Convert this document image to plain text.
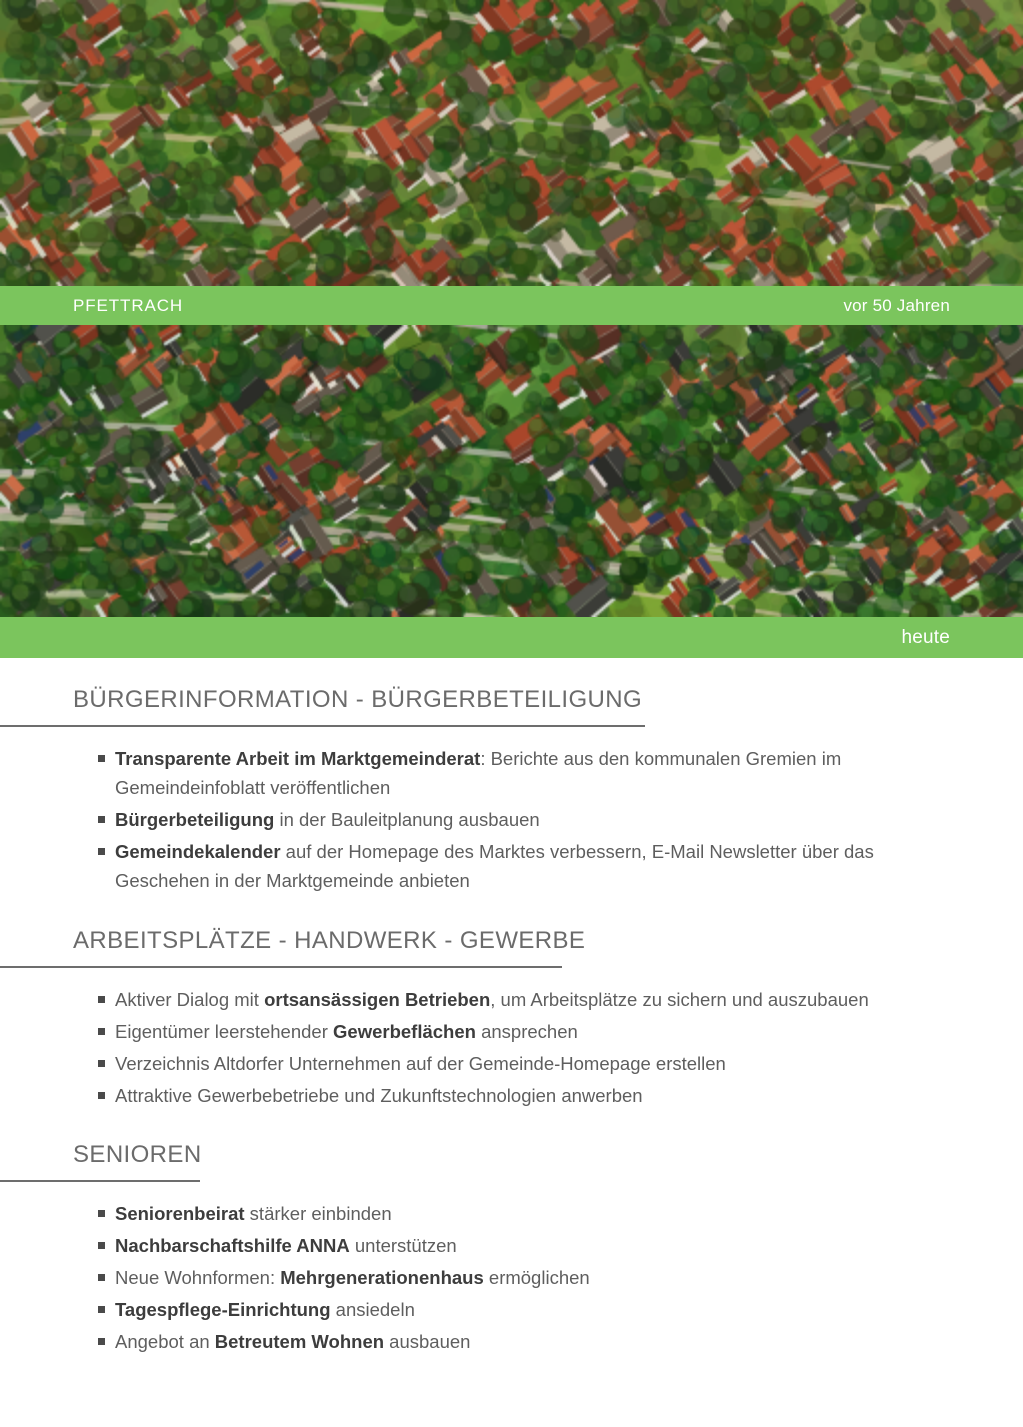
PFETTRACH	vor 50 Jahren
heute
BÜRGERINFORMATION - BÜRGERBETEILIGUNG
Transparente Arbeit im Marktgemeinderat: Berichte aus den kommunalen Gremien im Gemeindeinfoblatt veröffentlichen
Bürgerbeteiligung in der Bauleitplanung ausbauen
Gemeindekalender auf der Homepage des Marktes verbessern, E-Mail Newsletter über das Geschehen in der Marktgemeinde anbieten
ARBEITSPLÄTZE - HANDWERK - GEWERBE
Aktiver Dialog mit ortsansässigen Betrieben, um Arbeitsplätze zu sichern und auszubauen
Eigentümer leerstehender Gewerbeflächen ansprechen
Verzeichnis Altdorfer Unternehmen auf der Gemeinde-Homepage erstellen
Attraktive Gewerbebetriebe und Zukunftstechnologien anwerben
SENIOREN
Seniorenbeirat stärker einbinden
Nachbarschaftshilfe ANNA unterstützen
Neue Wohnformen: Mehrgenerationenhaus ermöglichen
Tagespflege-Einrichtung ansiedeln
Angebot an Betreutem Wohnen ausbauen
